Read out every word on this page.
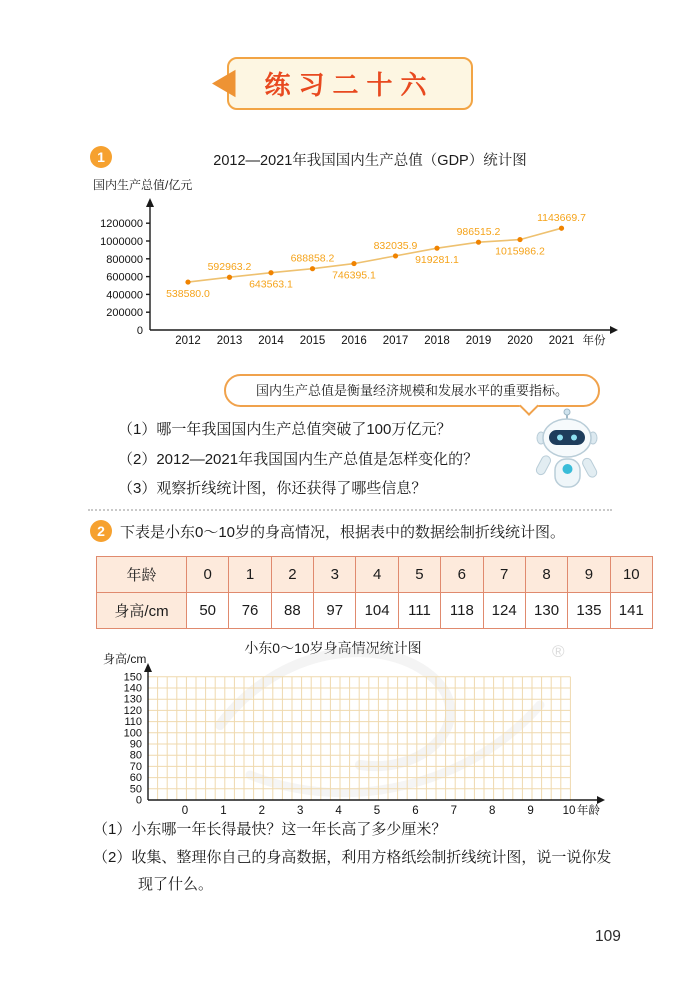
练习二十六
1	2012—2021年我国国内生产总值（GDP）统计图
国内生产总值/亿元
0
200000
400000
600000
800000
1000000
1200000
2012 2013 2014 2015 2016 2017 2018 2019 2020 2021 年份
538580.0
592963.2
643563.1
688858.2
746395.1
832035.9
919281.1
986515.2
1015986.2
1143669.7
国内生产总值是衡量经济规模和发展水平的重要指标。
（1）哪一年我国国内生产总值突破了100万亿元？
（2）2012—2021年我国国内生产总值是怎样变化的？
（3）观察折线统计图，你还获得了哪些信息？
2	下表是小东0～10岁的身高情况，根据表中的数据绘制折线统计图。
年龄	0	1	2	3	4	5	6	7	8	9	10
身高/cm	50	76	88	97	104	111	118	124	130	135	141
小东0～10岁身高情况统计图
身高/cm	®
0
50
60
70
80
90
100
110
120
130
140
150
0	1	2	3	4	5	6	7	8	9	10 年龄
（1）小东哪一年长得最快？这一年长高了多少厘米？
（2）收集、整理你自己的身高数据，利用方格纸绘制折线统计图，说一说你发现了什么。
109
